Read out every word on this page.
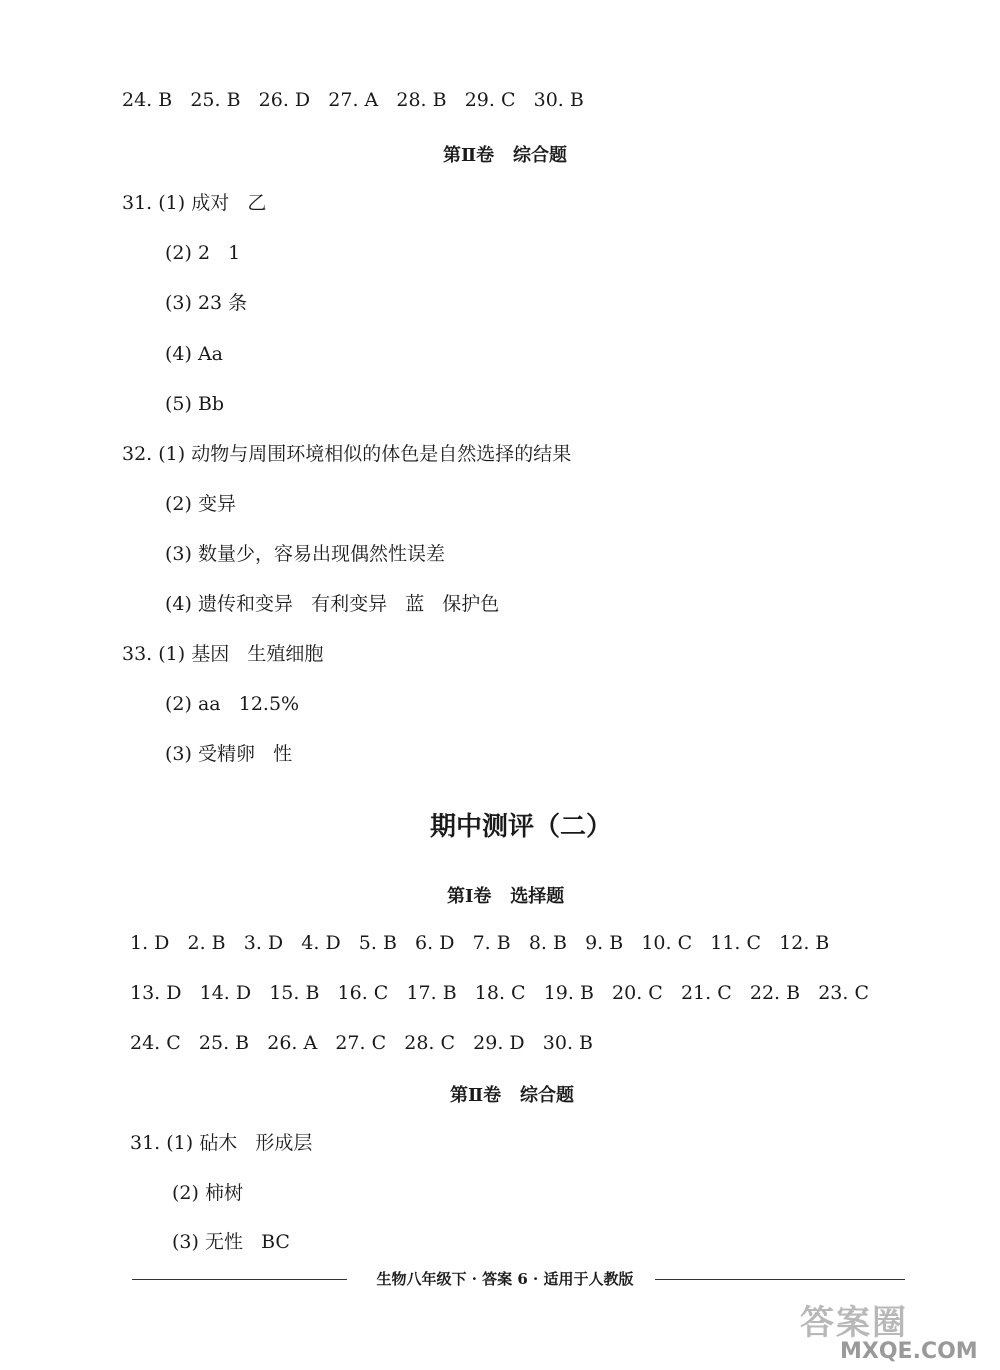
24. B   25. B   26. D   27. A   28. B   29. C   30. B
第Ⅱ卷   综合题
31. (1) 成对   乙
(2) 2   1
(3) 23 条
(4) Aa
(5) Bb
32. (1) 动物与周围环境相似的体色是自然选择的结果
(2) 变异
(3) 数量少，容易出现偶然性误差
(4) 遗传和变异   有利变异   蓝   保护色
33. (1) 基因   生殖细胞
(2) aa   12.5%
(3) 受精卵   性
期中测评（二）
第Ⅰ卷   选择题
1. D   2. B   3. D   4. D   5. B   6. D   7. B   8. B   9. B   10. C   11. C   12. B
13. D   14. D   15. B   16. C   17. B   18. C   19. B   20. C   21. C   22. B   23. C
24. C   25. B   26. A   27. C   28. C   29. D   30. B
第Ⅱ卷   综合题
31. (1) 砧木   形成层
(2) 柿树
(3) 无性   BC
生物八年级下 · 答案 6 · 适用于人教版
答案圈
MXQE.COM
